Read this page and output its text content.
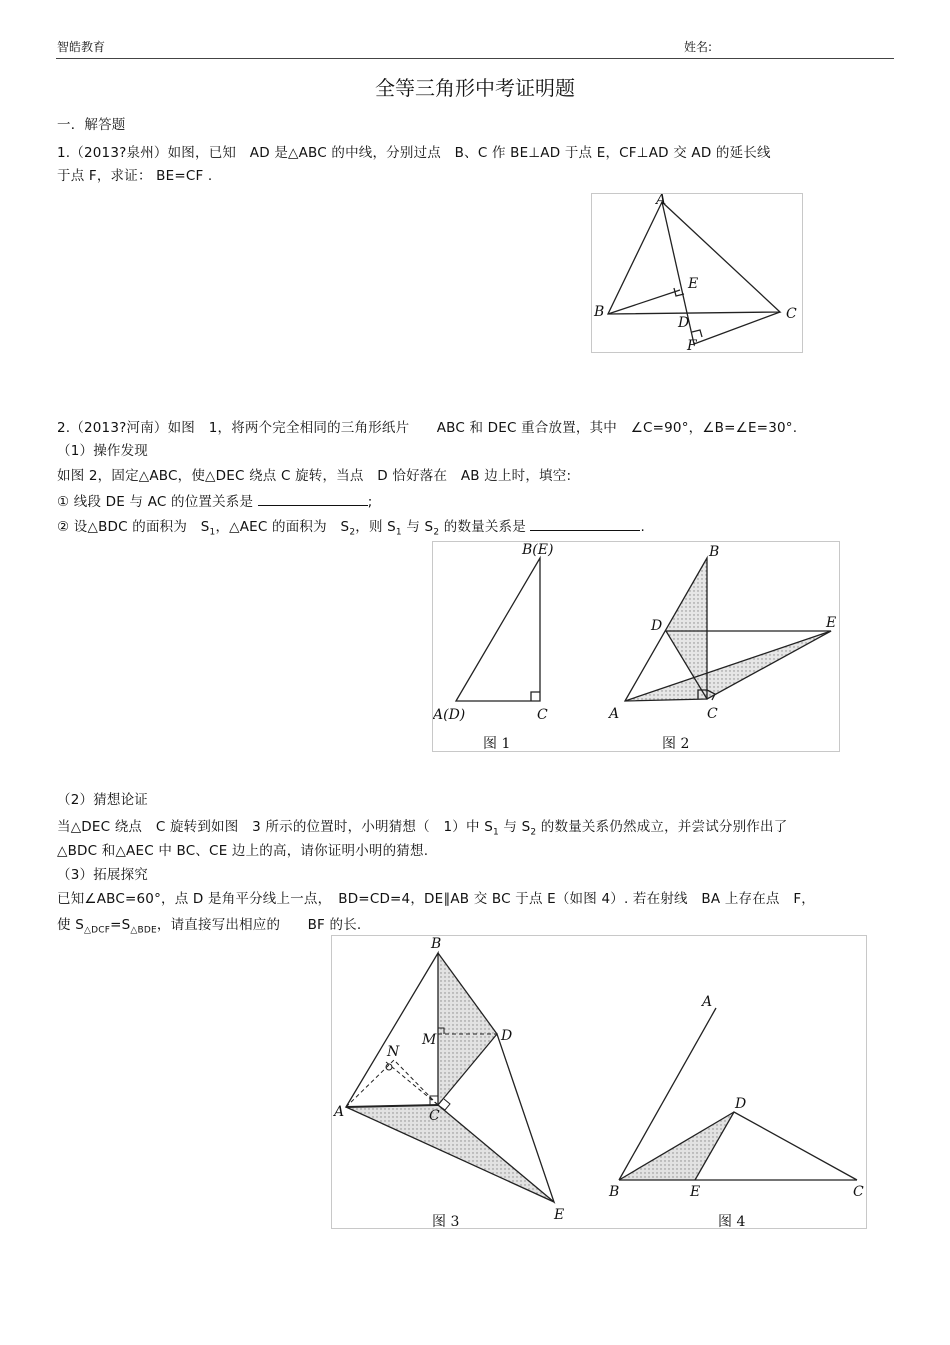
智皓教育	姓名:
全等三角形中考证明题
一．解答题
1.（2013?泉州）如图，已知　AD 是△ABC 的中线，分别过点　B、C 作 BE⊥AD 于点 E，CF⊥AD 交 AD 的延长线
于点 F，求证： BE=CF .
A
B	C
D
E
F
2.（2013?河南）如图　1，将两个完全相同的三角形纸片　　ABC 和 DEC 重合放置，其中　∠C=90°，∠B=∠E=30°.
（1）操作发现
如图 2，固定△ABC，使△DEC 绕点 C 旋转，当点　D 恰好落在　AB 边上时，填空:
① 线段 DE 与 AC 的位置关系是	;
② 设△BDC 的面积为　$S_1$，△AEC 的面积为　$S_2$，则 $S_1$ 与 $S_2$ 的数量关系是	.
B(E)
A(D)	C
图 1
B
D	E
A	C
图 2
（2）猜想论证
当△DEC 绕点　C 旋转到如图　3 所示的位置时，小明猜想（　1）中 $S_1$ 与 $S_2$ 的数量关系仍然成立，并尝试分别作出了
△BDC 和△AEC 中 BC、CE 边上的高，请你证明小明的猜想.
（3）拓展探究
已知∠ABC=60°，点 D 是角平分线上一点，　BD=CD=4，DE∥AB 交 BC 于点 E（如图 4）. 若在射线　BA 上存在点　F，
使 $S_{\triangle DCF}=S_{\triangle BDE}$，请直接写出相应的　　BF 的长.
B
M	D
N
A	C
E
图 3
A
D
B	E	C
图 4
